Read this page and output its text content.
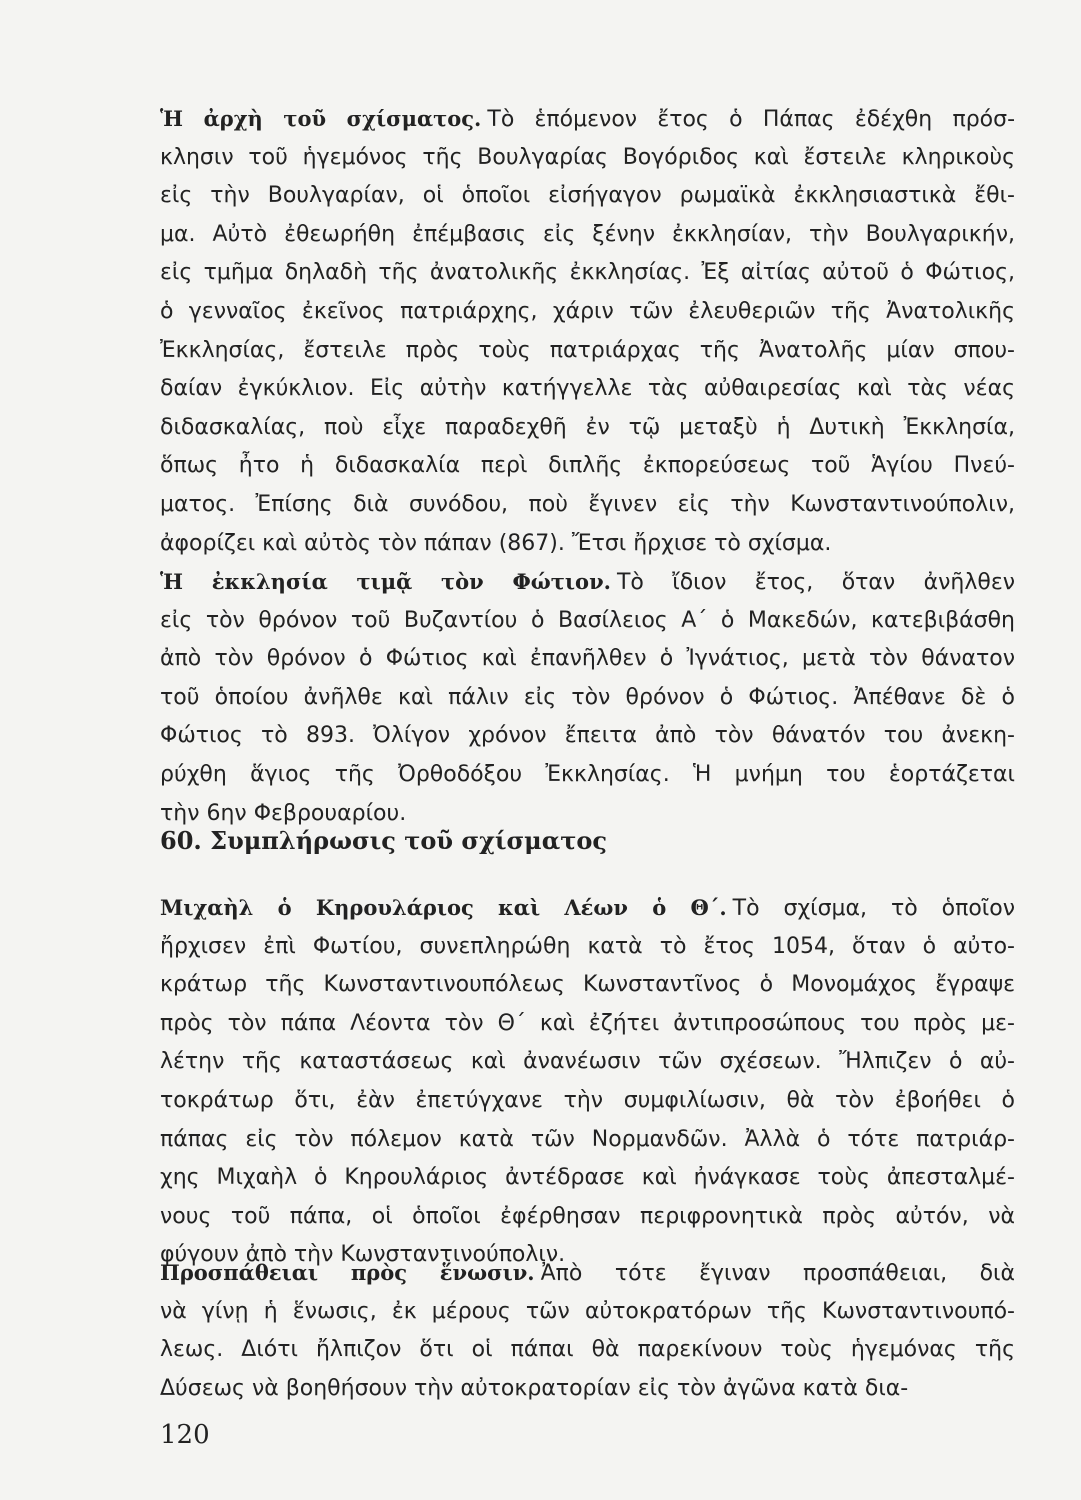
Ἡ ἀρχὴ τοῦ σχίσματος. Τὸ ἑπόμενον ἔτος ὁ Πάπας ἐδέχθη πρόσ-
κλησιν τοῦ ἡγεμόνος τῆς Βουλγαρίας Βογόριδος καὶ ἔστειλε κληρικοὺς
εἰς τὴν Βουλγαρίαν, οἱ ὁποῖοι εἰσήγαγον ρωμαϊκὰ ἐκκλησιαστικὰ ἔθι-
μα. Αὐτὸ ἐθεωρήθη ἐπέμβασις εἰς ξένην ἐκκλησίαν, τὴν Βουλγαρικήν,
εἰς τμῆμα δηλαδὴ τῆς ἀνατολικῆς ἐκκλησίας. Ἐξ αἰτίας αὐτοῦ ὁ Φώτιος,
ὁ γενναῖος ἐκεῖνος πατριάρχης, χάριν τῶν ἐλευθεριῶν τῆς Ἀνατολικῆς
Ἐκκλησίας, ἔστειλε πρὸς τοὺς πατριάρχας τῆς Ἀνατολῆς μίαν σπου-
δαίαν ἐγκύκλιον. Εἰς αὐτὴν κατήγγελλε τὰς αὐθαιρεσίας καὶ τὰς νέας
διδασκαλίας, ποὺ εἶχε παραδεχθῆ ἐν τῷ μεταξὺ ἡ Δυτικὴ Ἐκκλησία,
ὅπως ἦτο ἡ διδασκαλία περὶ διπλῆς ἐκπορεύσεως τοῦ Ἁγίου Πνεύ-
ματος. Ἐπίσης διὰ συνόδου, ποὺ ἔγινεν εἰς τὴν Κωνσταντινούπολιν,
ἀφορίζει καὶ αὐτὸς τὸν πάπαν (867). Ἔτσι ἤρχισε τὸ σχίσμα.
Ἡ ἐκκλησία τιμᾷ τὸν Φώτιον. Τὸ ἴδιον ἔτος, ὅταν ἀνῆλθεν
εἰς τὸν θρόνον τοῦ Βυζαντίου ὁ Βασίλειος Α΄ ὁ Μακεδών, κατεβιβάσθη
ἀπὸ τὸν θρόνον ὁ Φώτιος καὶ ἐπανῆλθεν ὁ Ἰγνάτιος, μετὰ τὸν θάνατον
τοῦ ὁποίου ἀνῆλθε καὶ πάλιν εἰς τὸν θρόνον ὁ Φώτιος. Ἀπέθανε δὲ ὁ
Φώτιος τὸ 893. Ὀλίγον χρόνον ἔπειτα ἀπὸ τὸν θάνατόν του ἀνεκη-
ρύχθη ἅγιος τῆς Ὀρθοδόξου Ἐκκλησίας. Ἡ μνήμη του ἑορτάζεται
τὴν 6ην Φεβρουαρίου.
60. Συμπλήρωσις τοῦ σχίσματος
Μιχαὴλ ὁ Κηρουλάριος καὶ Λέων ὁ Θ΄. Τὸ σχίσμα, τὸ ὁποῖον
ἤρχισεν ἐπὶ Φωτίου, συνεπληρώθη κατὰ τὸ ἔτος 1054, ὅταν ὁ αὐτο-
κράτωρ τῆς Κωνσταντινουπόλεως Κωνσταντῖνος ὁ Μονομάχος ἔγραψε
πρὸς τὸν πάπα Λέοντα τὸν Θ΄ καὶ ἐζήτει ἀντιπροσώπους του πρὸς με-
λέτην τῆς καταστάσεως καὶ ἀνανέωσιν τῶν σχέσεων. Ἤλπιζεν ὁ αὐ-
τοκράτωρ ὅτι, ἐὰν ἐπετύγχανε τὴν συμφιλίωσιν, θὰ τὸν ἐβοήθει ὁ
πάπας εἰς τὸν πόλεμον κατὰ τῶν Νορμανδῶν. Ἀλλὰ ὁ τότε πατριάρ-
χης Μιχαὴλ ὁ Κηρουλάριος ἀντέδρασε καὶ ἠνάγκασε τοὺς ἀπεσταλμέ-
νους τοῦ πάπα, οἱ ὁποῖοι ἐφέρθησαν περιφρονητικὰ πρὸς αὐτόν, νὰ
φύγουν ἀπὸ τὴν Κωνσταντινούπολιν.
Προσπάθειαι πρὸς ἕνωσιν. Ἀπὸ τότε ἔγιναν προσπάθειαι, διὰ
νὰ γίνῃ ἡ ἕνωσις, ἐκ μέρους τῶν αὐτοκρατόρων τῆς Κωνσταντινουπό-
λεως. Διότι ἤλπιζον ὅτι οἱ πάπαι θὰ παρεκίνουν τοὺς ἡγεμόνας τῆς
Δύσεως νὰ βοηθήσουν τὴν αὐτοκρατορίαν εἰς τὸν ἀγῶνα κατὰ δια-
120
